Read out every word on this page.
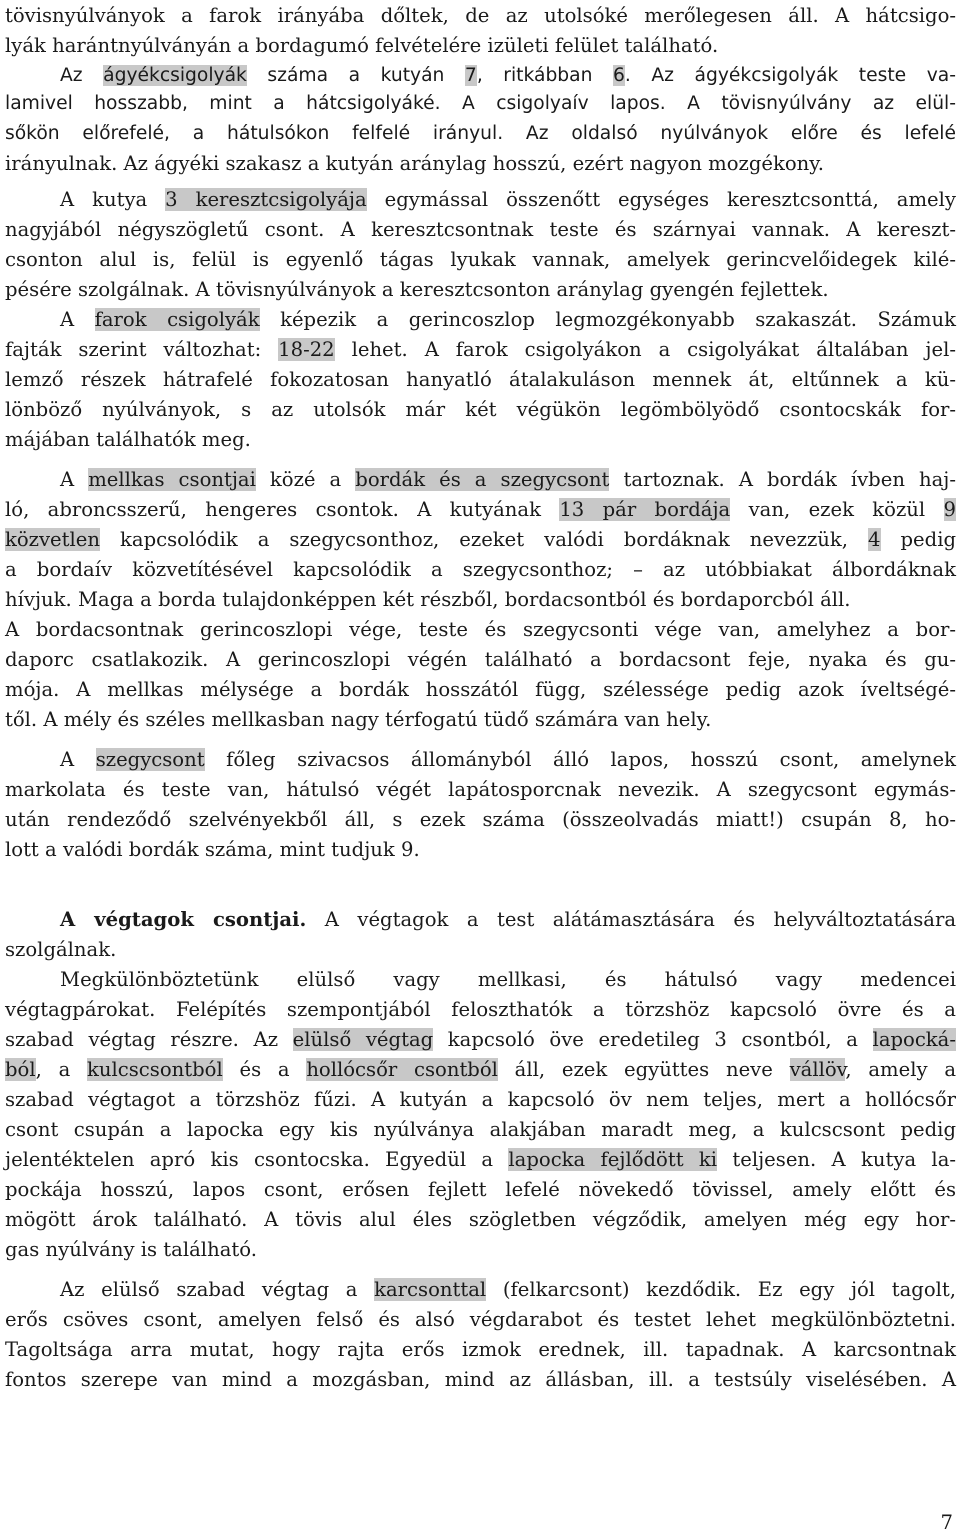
tövisnyúlványok a farok irányába dőltek, de az utolsóké merőlegesen áll. A hátcsigo-
lyák harántnyúlványán a bordagumó felvételére izületi felület található.
Az ágyékcsigolyák száma a kutyán 7, ritkábban 6. Az ágyékcsigolyák teste va-
lamivel hosszabb, mint a hátcsigolyáké. A csigolyaív lapos. A tövisnyúlvány az elül-
sőkön előrefelé, a hátulsókon felfelé irányul. Az oldalsó nyúlványok előre és lefelé
irányulnak. Az ágyéki szakasz a kutyán aránylag hosszú, ezért nagyon mozgékony.
A kutya 3 keresztcsigolyája egymással összenőtt egységes keresztcsonttá, amely
nagyjából négyszögletű csont. A keresztcsontnak teste és szárnyai vannak. A kereszt-
csonton alul is, felül is egyenlő tágas lyukak vannak, amelyek gerincvelőidegek kilé-
pésére szolgálnak. A tövisnyúlványok a keresztcsonton aránylag gyengén fejlettek.
A farok csigolyák képezik a gerincoszlop legmozgékonyabb szakaszát. Számuk
fajták szerint változhat: 18-22 lehet. A farok csigolyákon a csigolyákat általában jel-
lemző részek hátrafelé fokozatosan hanyatló átalakuláson mennek át, eltűnnek a kü-
lönböző nyúlványok, s az utolsók már két végükön legömbölyödő csontocskák for-
májában találhatók meg.
A mellkas csontjai közé a bordák és a szegycsont tartoznak. A bordák ívben haj-
ló, abroncsszerű, hengeres csontok. A kutyának 13 pár bordája van, ezek közül 9
közvetlen kapcsolódik a szegycsonthoz, ezeket valódi bordáknak nevezzük, 4 pedig
a bordaív közvetítésével kapcsolódik a szegycsonthoz; – az utóbbiakat álbordáknak
hívjuk. Maga a borda tulajdonképpen két részből, bordacsontból és bordaporcból áll.
A bordacsontnak gerincoszlopi vége, teste és szegycsonti vége van, amelyhez a bor-
daporc csatlakozik. A gerincoszlopi végén található a bordacsont feje, nyaka és gu-
mója. A mellkas mélysége a bordák hosszától függ, szélessége pedig azok íveltségé-
től. A mély és széles mellkasban nagy térfogatú tüdő számára van hely.
A szegycsont főleg szivacsos állományból álló lapos, hosszú csont, amelynek
markolata és teste van, hátulsó végét lapátosporcnak nevezik. A szegycsont egymás-
után rendeződő szelvényekből áll, s ezek száma (összeolvadás miatt!) csupán 8, ho-
lott a valódi bordák száma, mint tudjuk 9.
A végtagok csontjai. A végtagok a test alátámasztására és helyváltoztatására
szolgálnak.
Megkülönböztetünk elülső vagy mellkasi, és hátulsó vagy medencei
végtagpárokat. Felépítés szempontjából feloszthatók a törzshöz kapcsoló övre és a
szabad végtag részre. Az elülső végtag kapcsoló öve eredetileg 3 csontból, a lapocká-
ból, a kulcscsontból és a hollócsőr csontból áll, ezek együttes neve vállöv, amely a
szabad végtagot a törzshöz fűzi. A kutyán a kapcsoló öv nem teljes, mert a hollócsőr
csont csupán a lapocka egy kis nyúlványa alakjában maradt meg, a kulcscsont pedig
jelentéktelen apró kis csontocska. Egyedül a lapocka fejlődött ki teljesen. A kutya la-
pockája hosszú, lapos csont, erősen fejlett lefelé növekedő tövissel, amely előtt és
mögött árok található. A tövis alul éles szögletben végződik, amelyen még egy hor-
gas nyúlvány is található.
Az elülső szabad végtag a karcsonttal (felkarcsont) kezdődik. Ez egy jól tagolt,
erős csöves csont, amelyen felső és alsó végdarabot és testet lehet megkülönböztetni.
Tagoltsága arra mutat, hogy rajta erős izmok erednek, ill. tapadnak. A karcsontnak
fontos szerepe van mind a mozgásban, mind az állásban, ill. a testsúly viselésében. A
7
